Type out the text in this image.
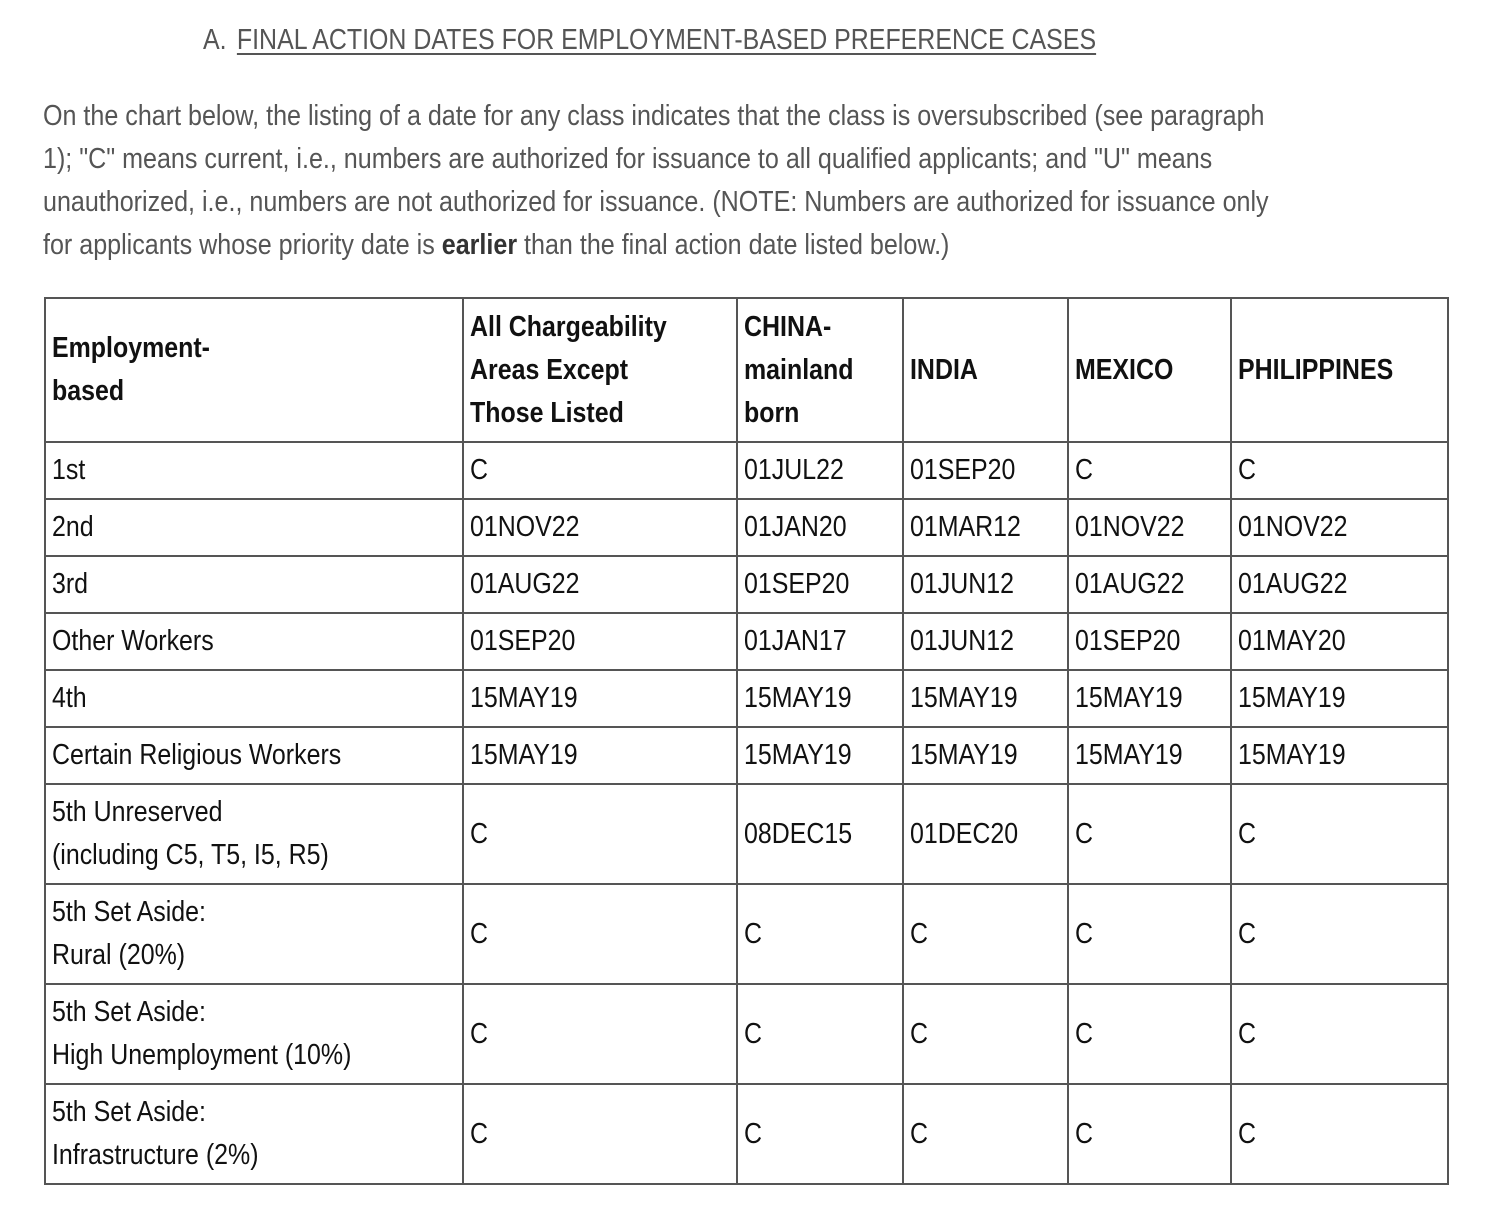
A. FINAL ACTION DATES FOR EMPLOYMENT-BASED PREFERENCE CASES

On the chart below, the listing of a date for any class indicates that the class is oversubscribed (see paragraph

1); "C" means current, i.e., numbers are authorized for issuance to all qualified applicants; and "U" means

unauthorized, i.e., numbers are not authorized for issuance. (NOTE: Numbers are authorized for issuance only

for applicants whose priority date is earlier than the final action date listed below.)

Employment-
based	All Chargeability
Areas Except
Those Listed	CHINA-
mainland
born	INDIA	MEXICO	PHILIPPINES
1st	C	01JUL22	01SEP20	C	C
2nd	01NOV22	01JAN20	01MAR12	01NOV22	01NOV22
3rd	01AUG22	01SEP20	01JUN12	01AUG22	01AUG22
Other Workers	01SEP20	01JAN17	01JUN12	01SEP20	01MAY20
4th	15MAY19	15MAY19	15MAY19	15MAY19	15MAY19
Certain Religious Workers	15MAY19	15MAY19	15MAY19	15MAY19	15MAY19
5th Unreserved
(including C5, T5, I5, R5)	C	08DEC15	01DEC20	C	C
5th Set Aside:
Rural (20%)	C	C	C	C	C
5th Set Aside:
High Unemployment (10%)	C	C	C	C	C
5th Set Aside:
Infrastructure (2%)	C	C	C	C	C
